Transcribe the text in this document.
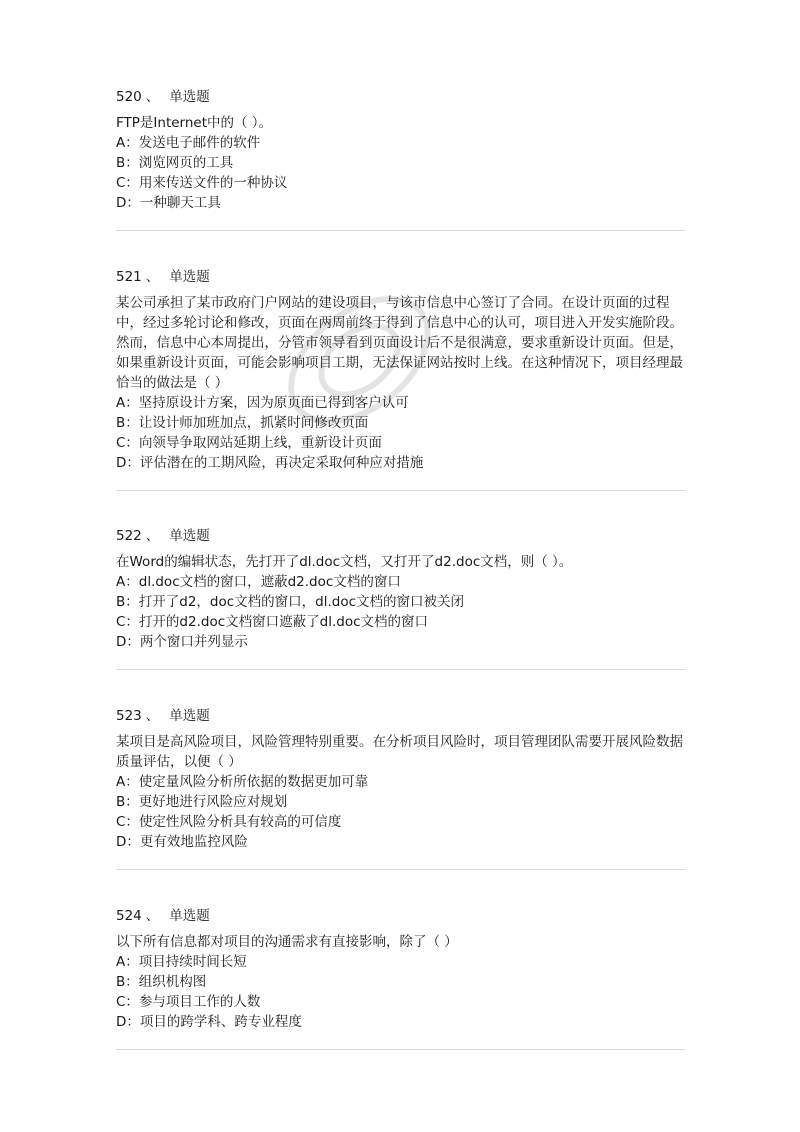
520 、 单选题

FTP是Internet中的（ ）。

A：发送电子邮件的软件
B：浏览网页的工具
C：用来传送文件的一种协议
D：一种聊天工具
521 、 单选题

某公司承担了某市政府门户网站的建设项目，与该市信息中心签订了合同。在设计页面的过程中，经过多轮讨论和修改，页面在两周前终于得到了信息中心的认可，项目进入开发实施阶段。然而，信息中心本周提出，分管市领导看到页面设计后不是很满意，要求重新设计页面。但是，如果重新设计页面，可能会影响项目工期，无法保证网站按时上线。在这种情况下，项目经理最恰当的做法是（ ）

A：坚持原设计方案，因为原页面已得到客户认可
B：让设计师加班加点，抓紧时间修改页面
C：向领导争取网站延期上线，重新设计页面
D：评估潜在的工期风险，再决定采取何种应对措施
522 、 单选题

在Word的编辑状态，先打开了dl.doc文档，又打开了d2.doc文档，则（ ）。

A：dl.doc文档的窗口，遮蔽d2.doc文档的窗口
B：打开了d2，doc文档的窗口，dl.doc文档的窗口被关闭
C：打开的d2.doc文档窗口遮蔽了dl.doc文档的窗口
D：两个窗口并列显示
523 、 单选题

某项目是高风险项目，风险管理特别重要。在分析项目风险时，项目管理团队需要开展风险数据质量评估，以便（ ）

A：使定量风险分析所依据的数据更加可靠
B：更好地进行风险应对规划
C：使定性风险分析具有较高的可信度
D：更有效地监控风险
524 、 单选题

以下所有信息都对项目的沟通需求有直接影响，除了（ ）

A：项目持续时间长短
B：组织机构图
C：参与项目工作的人数
D：项目的跨学科、跨专业程度
